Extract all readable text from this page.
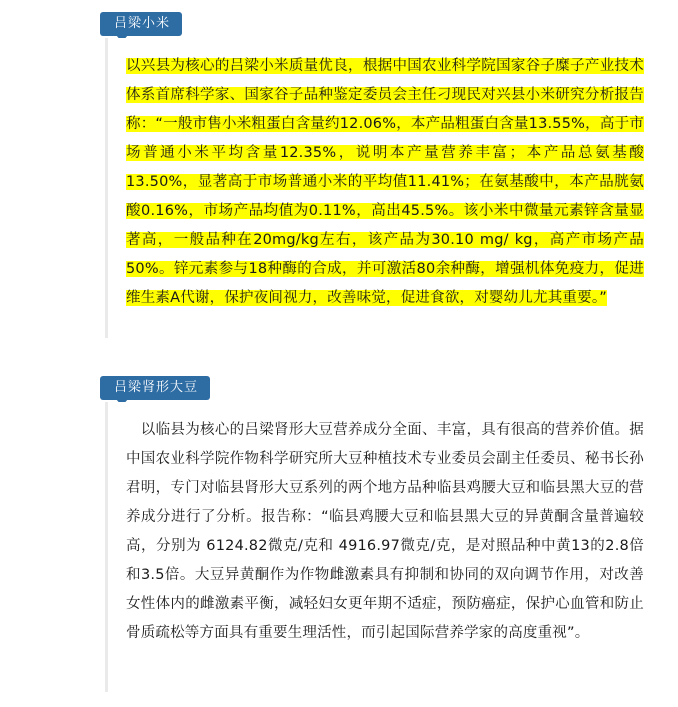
吕梁小米
以兴县为核心的吕梁小米质量优良，根据中国农业科学院国家谷子糜子产业技术体系首席科学家、国家谷子品种鉴定委员会主任刁现民对兴县小米研究分析报告称：“一般市售小米粗蛋白含量约12.06%，本产品粗蛋白含量13.55%，高于市场普通小米平均含量12.35%，说明本产量营养丰富；本产品总氨基酸13.50%，显著高于市场普通小米的平均值11.41%；在氨基酸中，本产品胱氨酸0.16%，市场产品均值为0.11%，高出45.5%。该小米中微量元素锌含量显著高，一般品种在20mg/kg左右，该产品为30.10 mg/ kg，高产市场产品50%。锌元素参与18种酶的合成，并可激活80余种酶，增强机体免疫力，促进维生素A代谢，保护夜间视力，改善味觉，促进食欲，对婴幼儿尤其重要。”
吕梁肾形大豆

　以临县为核心的吕梁肾形大豆营养成分全面、丰富，具有很高的营养价值。据中国农业科学院作物科学研究所大豆种植技术专业委员会副主任委员、秘书长孙君明，专门对临县肾形大豆系列的两个地方品种临县鸡腰大豆和临县黑大豆的营养成分进行了分析。报告称：“临县鸡腰大豆和临县黑大豆的异黄酮含量普遍较高，分别为 6124.82微克/克和 4916.97微克/克，是对照品种中黄13的2.8倍和3.5倍。大豆异黄酮作为作物雌激素具有抑制和协同的双向调节作用，对改善女性体内的雌激素平衡，减轻妇女更年期不适症，预防癌症，保护心血管和防止骨质疏松等方面具有重要生理活性，而引起国际营养学家的高度重视”。
